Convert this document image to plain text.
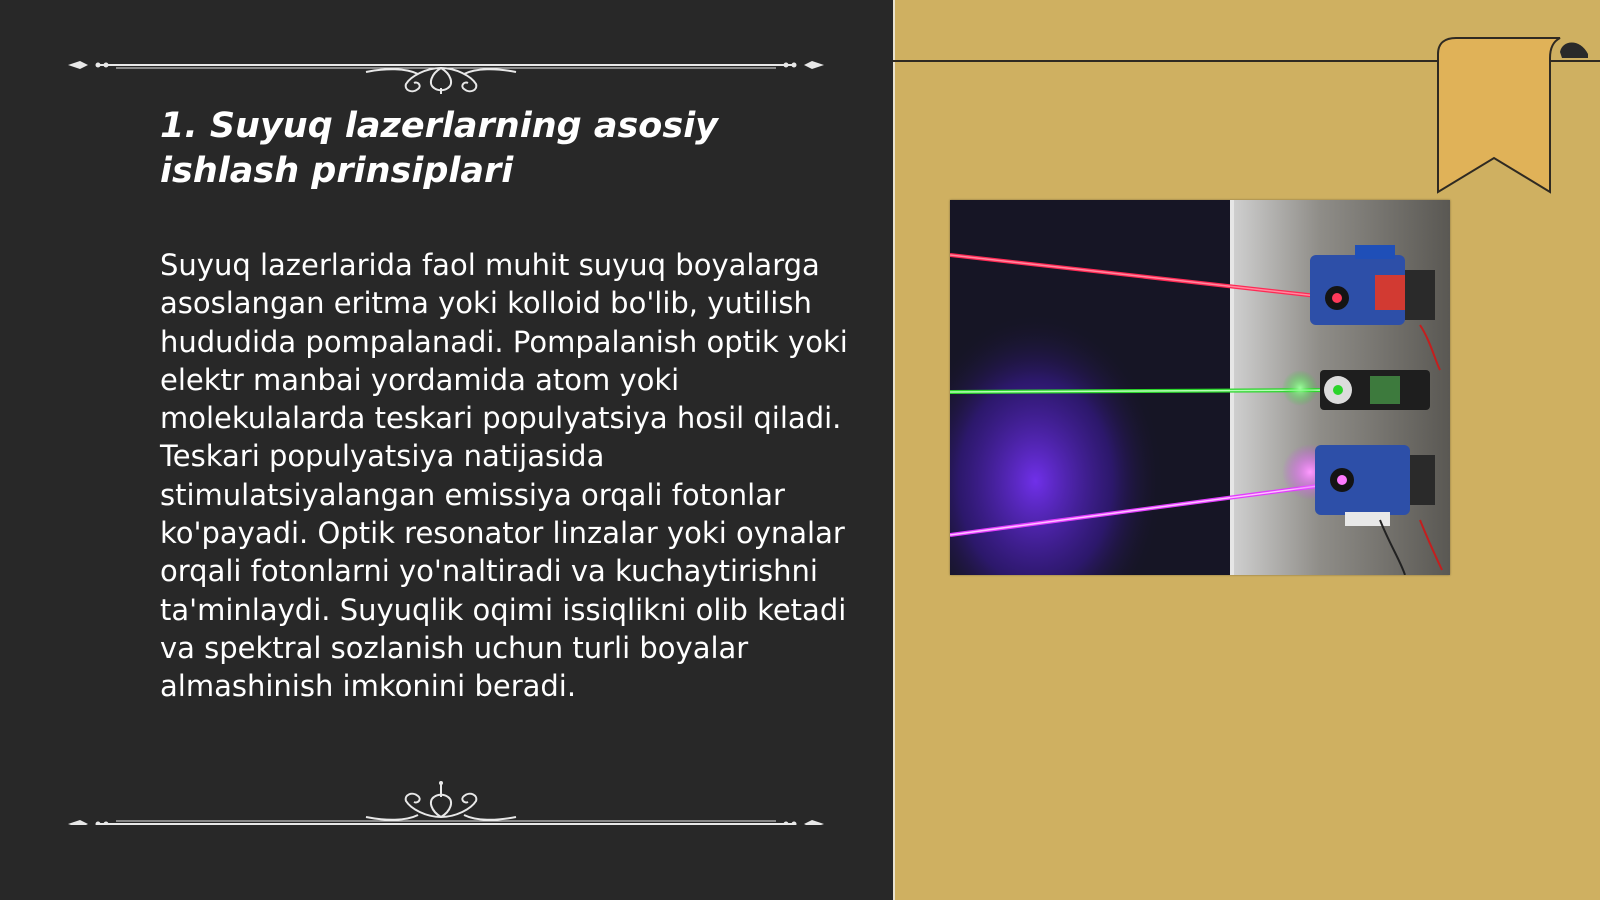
1. Suyuq lazerlarning asosiy ishlash prinsiplari

Suyuq lazerlarida faol muhit suyuq boyalarga asoslangan eritma yoki kolloid bo'lib, yutilish hududida pompalanadi. Pompalanish optik yoki elektr manbai yordamida atom yoki molekulalarda teskari populyatsiya hosil qiladi. Teskari populyatsiya natijasida stimulatsiyalangan emissiya orqali fotonlar ko'payadi. Optik resonator linzalar yoki oynalar orqali fotonlarni yo'naltiradi va kuchaytirishni ta'minlaydi. Suyuqlik oqimi issiqlikni olib ketadi va spektral sozlanish uchun turli boyalar almashinish imkonini beradi.
